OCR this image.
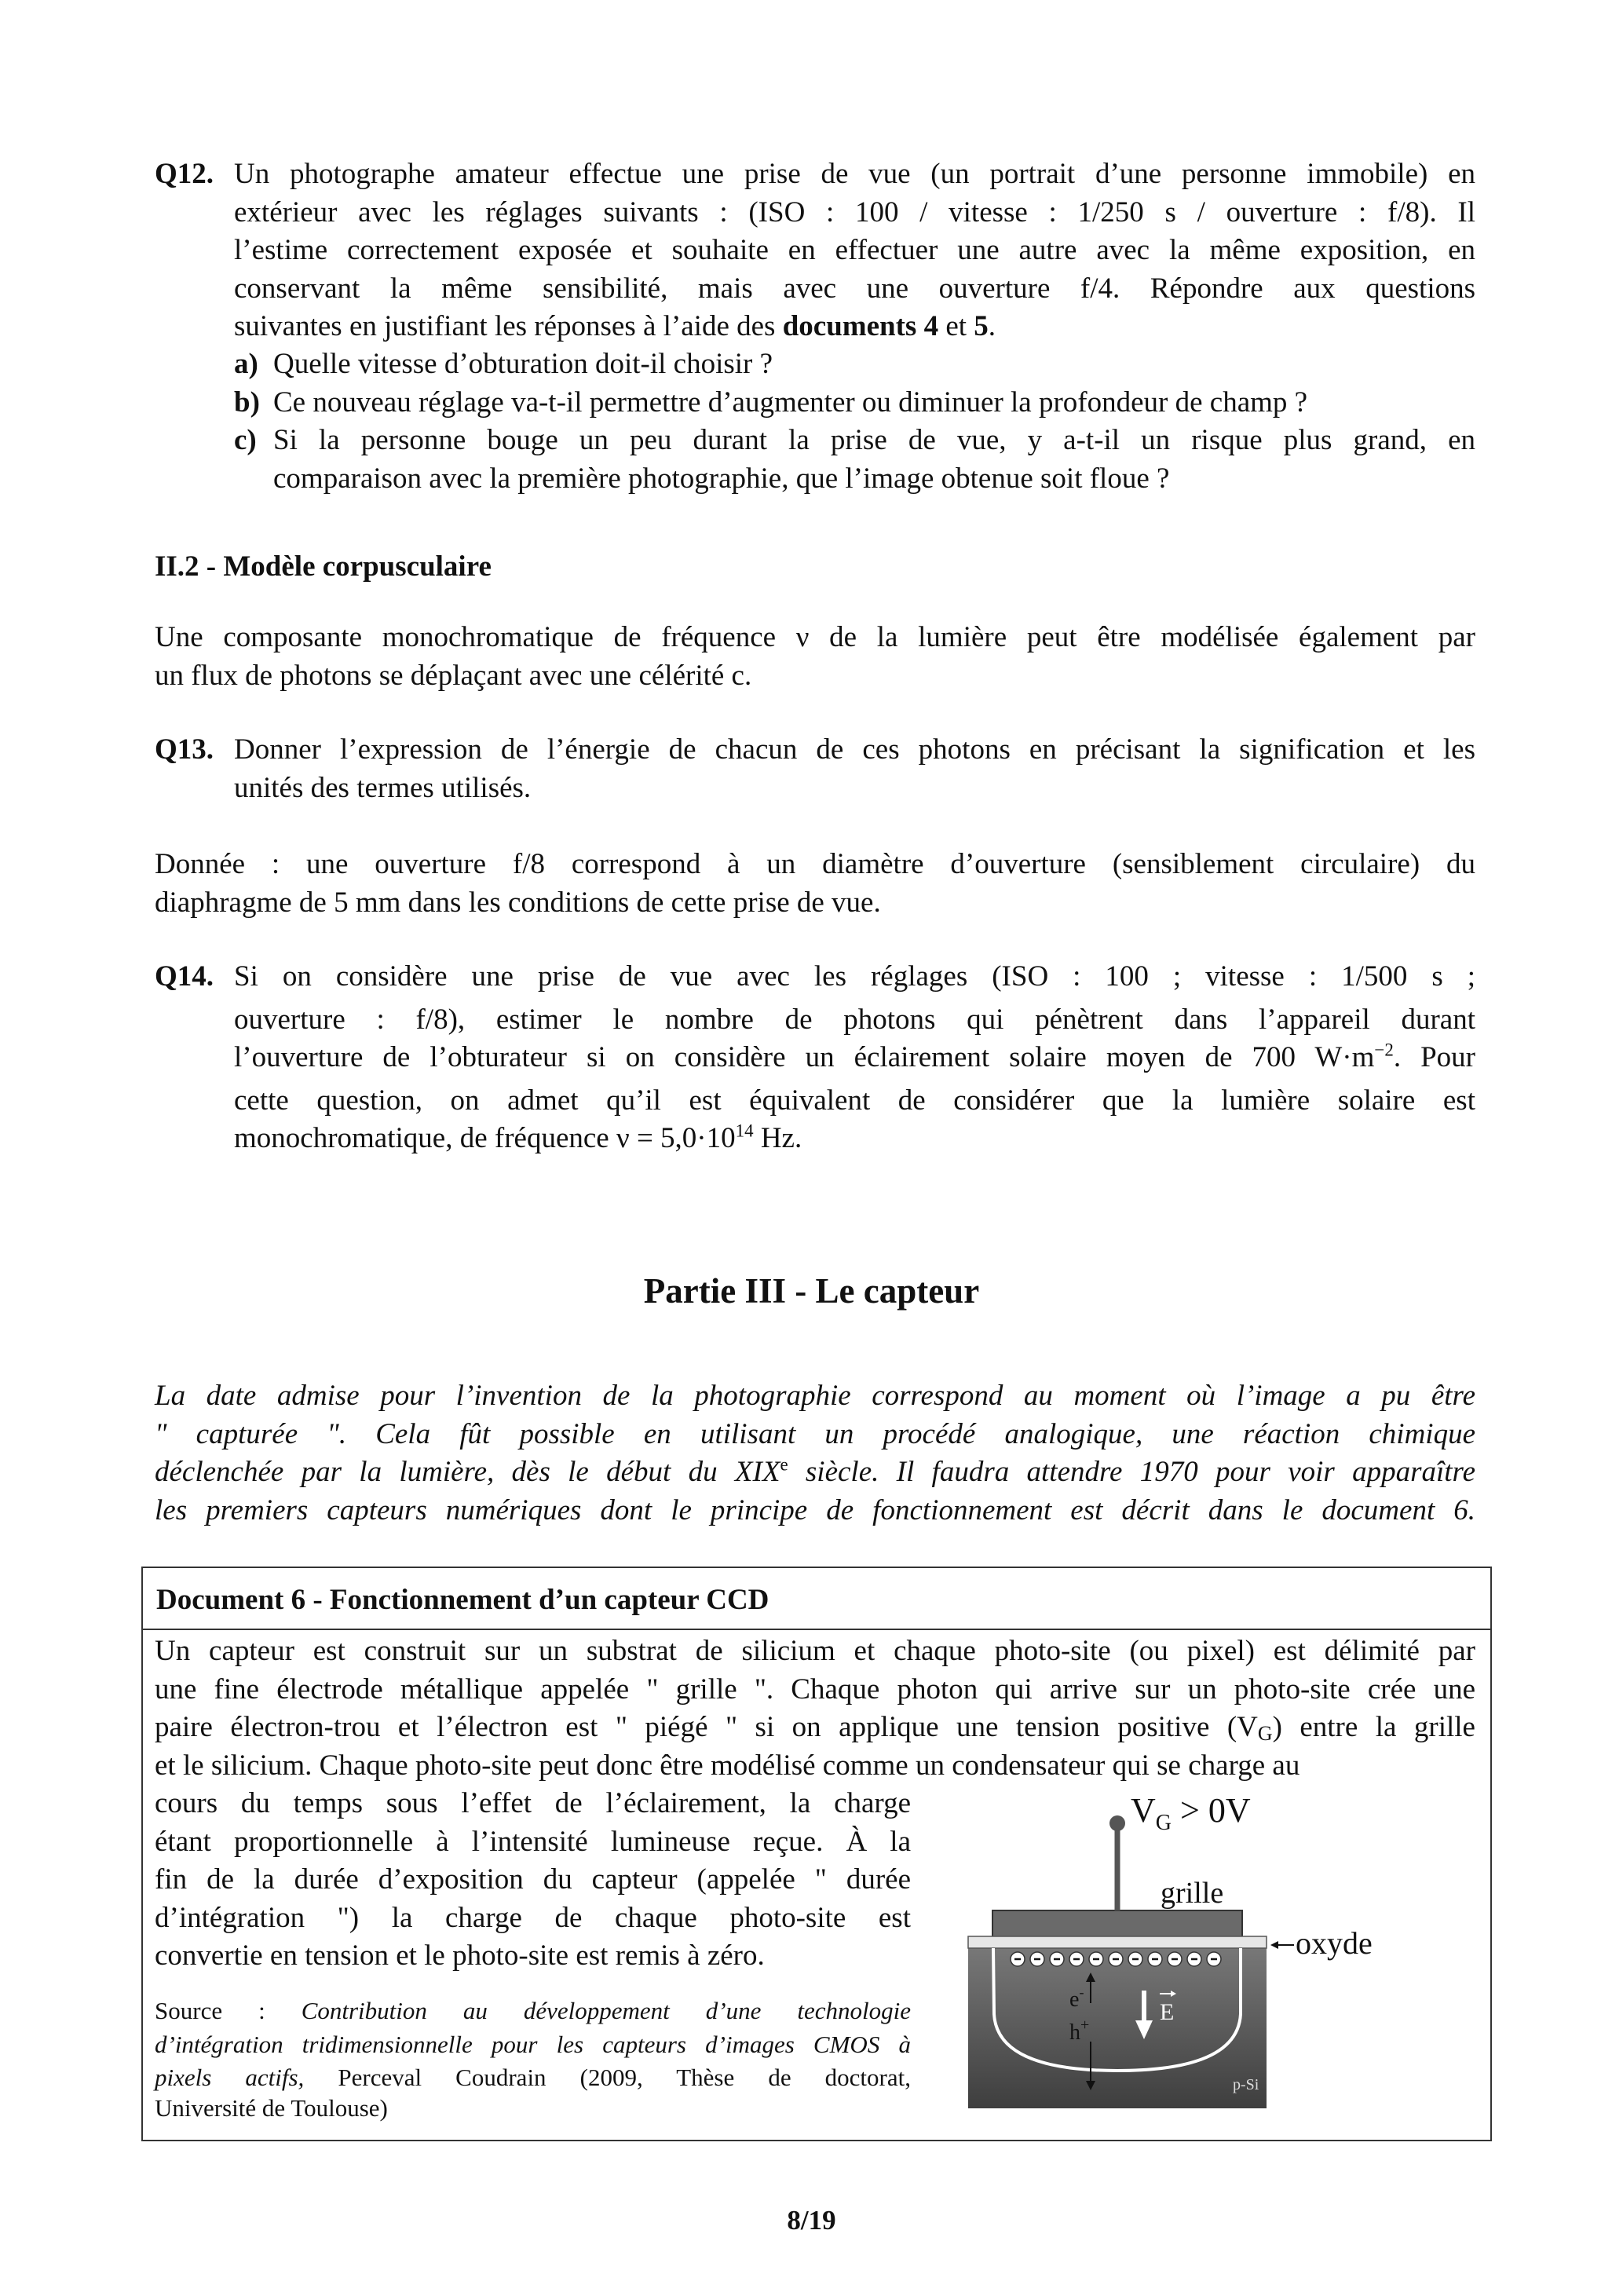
Q12. Un photographe amateur effectue une prise de vue (un portrait d’une personne immobile) en
extérieur avec les réglages suivants : (ISO : 100 / vitesse : 1/250 s / ouverture : f/8). Il
l’estime correctement exposée et souhaite en effectuer une autre avec la même exposition, en
conservant la même sensibilité, mais avec une ouverture f/4. Répondre aux questions
suivantes en justifiant les réponses à l’aide des documents 4 et 5.
a) Quelle vitesse d’obturation doit-il choisir ?
b) Ce nouveau réglage va-t-il permettre d’augmenter ou diminuer la profondeur de champ ?
c) Si la personne bouge un peu durant la prise de vue, y a-t-il un risque plus grand, en
comparaison avec la première photographie, que l’image obtenue soit floue ?
II.2 - Modèle corpusculaire
Une composante monochromatique de fréquence ν de la lumière peut être modélisée également par
un flux de photons se déplaçant avec une célérité c.
Q13. Donner l’expression de l’énergie de chacun de ces photons en précisant la signification et les
unités des termes utilisés.
Donnée : une ouverture f/8 correspond à un diamètre d’ouverture (sensiblement circulaire) du
diaphragme de 5 mm dans les conditions de cette prise de vue.
Q14. Si on considère une prise de vue avec les réglages (ISO : 100 ; vitesse : 1/500 s ;
ouverture : f/8), estimer le nombre de photons qui pénètrent dans l’appareil durant
l’ouverture de l’obturateur si on considère un éclairement solaire moyen de 700 $W\cdot m^{-2}$. Pour
cette question, on admet qu’il est équivalent de considérer que la lumière solaire est
monochromatique, de fréquence $\nu = 5,0\cdot 10^{14}$ Hz.
Partie III - Le capteur
La date admise pour l’invention de la photographie correspond au moment où l’image a pu être
" capturée ". Cela fût possible en utilisant un procédé analogique, une réaction chimique
déclenchée par la lumière, dès le début du XIXe siècle. Il faudra attendre 1970 pour voir apparaître
les premiers capteurs numériques dont le principe de fonctionnement est décrit dans le document 6.
Document 6 - Fonctionnement d’un capteur CCD
Un capteur est construit sur un substrat de silicium et chaque photo-site (ou pixel) est délimité par
une fine électrode métallique appelée " grille ". Chaque photon qui arrive sur un photo-site crée une
paire électron-trou et l’électron est " piégé " si on applique une tension positive $(V_G)$ entre la grille
et le silicium. Chaque photo-site peut donc être modélisé comme un condensateur qui se charge au
cours du temps sous l’effet de l’éclairement, la charge
étant proportionnelle à l’intensité lumineuse reçue. À la
fin de la durée d’exposition du capteur (appelée " durée
d’intégration ") la charge de chaque photo-site est
convertie en tension et le photo-site est remis à zéro.
Source : Contribution au développement d’une technologie
d’intégration tridimensionnelle pour les capteurs d’images CMOS à
pixels actifs, Perceval Coudrain (2009, Thèse de doctorat,
Université de Toulouse)
$V_G > 0V$
grille
oxyde
e-
h+	E
p-Si
8/19
